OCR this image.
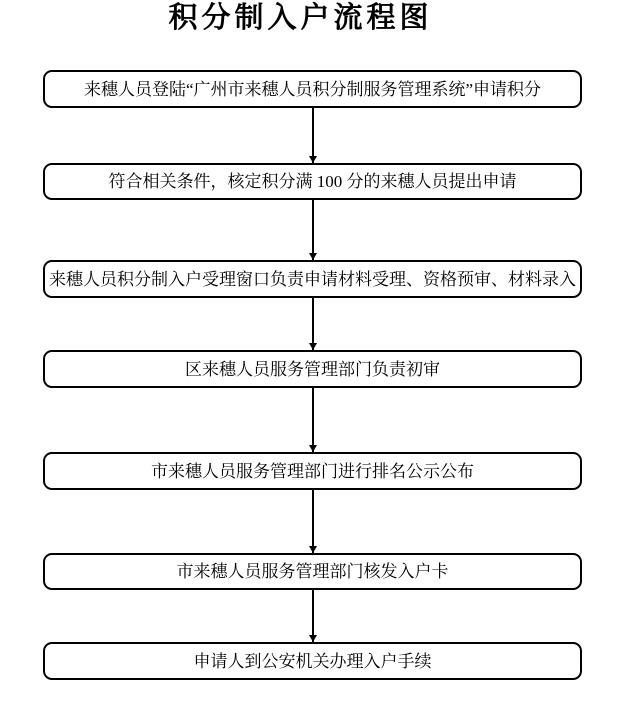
积分制入户流程图
来穗人员登陆“广州市来穗人员积分制服务管理系统”申请积分
符合相关条件，核定积分满 100 分的来穗人员提出申请
来穗人员积分制入户受理窗口负责申请材料受理、资格预审、材料录入
区来穗人员服务管理部门负责初审
市来穗人员服务管理部门进行排名公示公布
市来穗人员服务管理部门核发入户卡
申请人到公安机关办理入户手续
